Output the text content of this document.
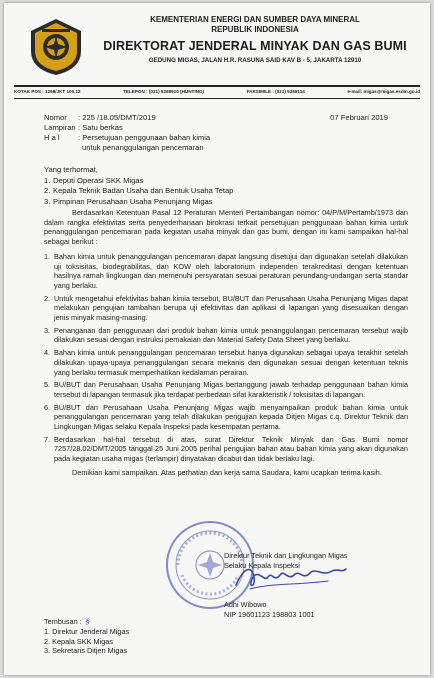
KEMENTERIAN ENERGI DAN SUMBER DAYA MINERAL
REPUBLIK INDONESIA
DIREKTORAT JENDERAL MINYAK DAN GAS BUMI
GEDUNG MIGAS, JALAN H.R. RASUNA SAID KAV B - 5, JAKARTA 12910
KOTAK POS : 1268/JKT 100.12	TELEPON : (021) 5268910 (HUNTING)	FAKSIMILE : (021) 5268114	e-mail: migas@migas.esdm.go.id
Nomor	: 225 /18.05/DMT/2019	07 Februari 2019
Lampiran : Satu berkas
H a l	: Persetujuan penggunaan bahan kimia
untuk penanggulangan pencemaran
Yang terhormat,
1. Deputi Operasi SKK Migas
2. Kepala Teknik Badan Usaha dan Bentuk Usaha Tetap
3. Pimpinan Perusahaan Usaha Penunjang Migas

Berdasarkan Ketentuan Pasal 12 Peraturan Menteri Pertambangan nomor: 04/P/M/Pertamb/1973 dan dalam rangka efektivitas serta penyederhanaan birokrasi terkait persetujuan penggunaan bahan kimia untuk penanggulangan pencemaran pada kegiatan usaha minyak dan gas bumi, dengan ini kami sampaikan hal-hal sebagai berikut :

1. Bahan kimia untuk penanggulangan pencemaran dapat langsung disetujui dan digunakan setelah dilakukan uji toksisitas, biodegrabilitas, dan KOW oleh laboratorium independen terakreditasi dengan ketentuan hasilnya ramah lingkungan dan memenuhi persyaratan sesuai peraturan perundang-undangan serta standar yang berlaku.
2. Untuk mengetahui efektivitas bahan kimia tersebut, BU/BUT dan Perusahaan Usaha Penunjang Migas dapat melakukan pengujian tambahan berupa uji efektivitas dan aplikasi di lapangan yang disesuaikan dengan jenis minyak masing-masing.
3. Penanganan dan penggunaan dari produk bahan kimia untuk penanggulangan pencemaran tersebut wajib dilakukan sesuai dengan instruksi pemakaian dan Material Safety Data Sheet yang berlaku.
4. Bahan kimia untuk penanggulangan pencemaran tersebut hanya digunakan sebagai upaya terakhir setelah dilakukan upaya-upaya penanggulangan secara mekanis dan digunakan sesuai dengan ketentuan teknis yang berlaku termasuk memperhatikan kedalaman perairan.
5. BU/BUT dan Perusahaan Usaha Penunjang Migas bertanggung jawab terhadap penggunaan bahan kimia tersebut di lapangan termasuk jika terdapat perbedaan sifat karakteristik / toksisitas di lapangan.
6. BU/BUT dan Perusahaan Usaha Penunjang Migas wajib menyampaikan produk bahan kimia untuk penanggulangan pencemaran yang telah dilakukan pengujian kepada Ditjen Migas c.q. Direktur Teknik dan Lingkungan Migas selaku Kepala Inspeksi pada kesempatan pertama.
7. Berdasarkan hal-hal tersebut di atas, surat Direktur Teknik Minyak dan Gas Bumi nomor 7257/28.02/DMT/2005 tanggal 25 Juni 2005 perihal pengujian bahan atau bahan kimia yang akan digunakan pada kegiatan usaha migas (terlampir) dinyatakan dicabut dan tidak berlaku lagi.

Demikian kami sampaikan. Atas perhatian dan kerja sama Saudara, kami ucapkan terima kasih.

Direktur Teknik dan Lingkungan Migas
Selaku Kepala Inspeksi
Adhi Wibowo
NIP 19601123 198803 1001
Tembusan : §
1. Direktur Jenderal Migas
2. Kepala SKK Migas
3. Sekretaris Ditjen Migas
